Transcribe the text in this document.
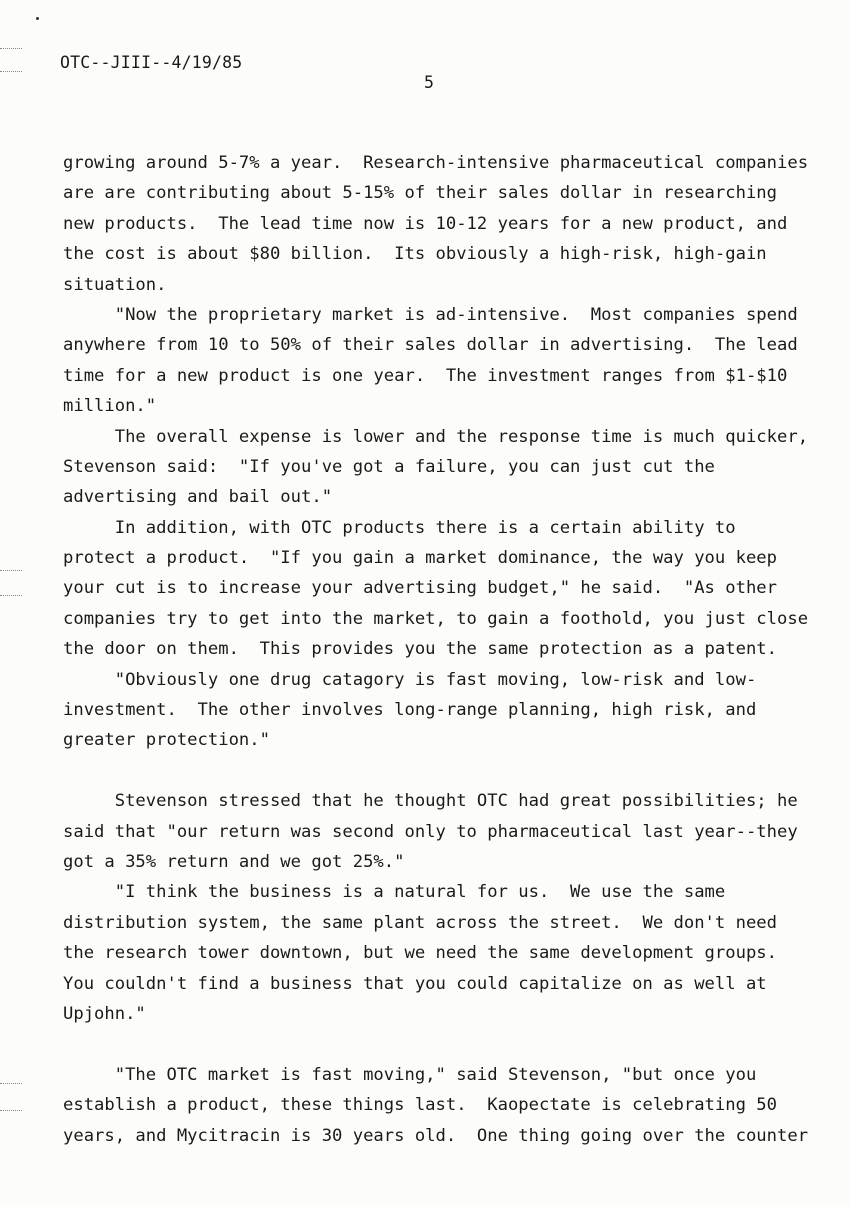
OTC--JIII--4/19/85
5
growing around 5-7% a year.  Research-intensive pharmaceutical companies
are are contributing about 5-15% of their sales dollar in researching
new products.  The lead time now is 10-12 years for a new product, and
the cost is about $80 billion.  Its obviously a high-risk, high-gain
situation.
"Now the proprietary market is ad-intensive.  Most companies spend
anywhere from 10 to 50% of their sales dollar in advertising.  The lead
time for a new product is one year.  The investment ranges from $1-$10
million."
The overall expense is lower and the response time is much quicker,
Stevenson said:  "If you've got a failure, you can just cut the
advertising and bail out."
In addition, with OTC products there is a certain ability to
protect a product.  "If you gain a market dominance, the way you keep
your cut is to increase your advertising budget," he said.  "As other
companies try to get into the market, to gain a foothold, you just close
the door on them.  This provides you the same protection as a patent.
"Obviously one drug catagory is fast moving, low-risk and low-
investment.  The other involves long-range planning, high risk, and
greater protection."
Stevenson stressed that he thought OTC had great possibilities; he
said that "our return was second only to pharmaceutical last year--they
got a 35% return and we got 25%."
"I think the business is a natural for us.  We use the same
distribution system, the same plant across the street.  We don't need
the research tower downtown, but we need the same development groups.
You couldn't find a business that you could capitalize on as well at
Upjohn."
"The OTC market is fast moving," said Stevenson, "but once you
establish a product, these things last.  Kaopectate is celebrating 50
years, and Mycitracin is 30 years old.  One thing going over the counter
